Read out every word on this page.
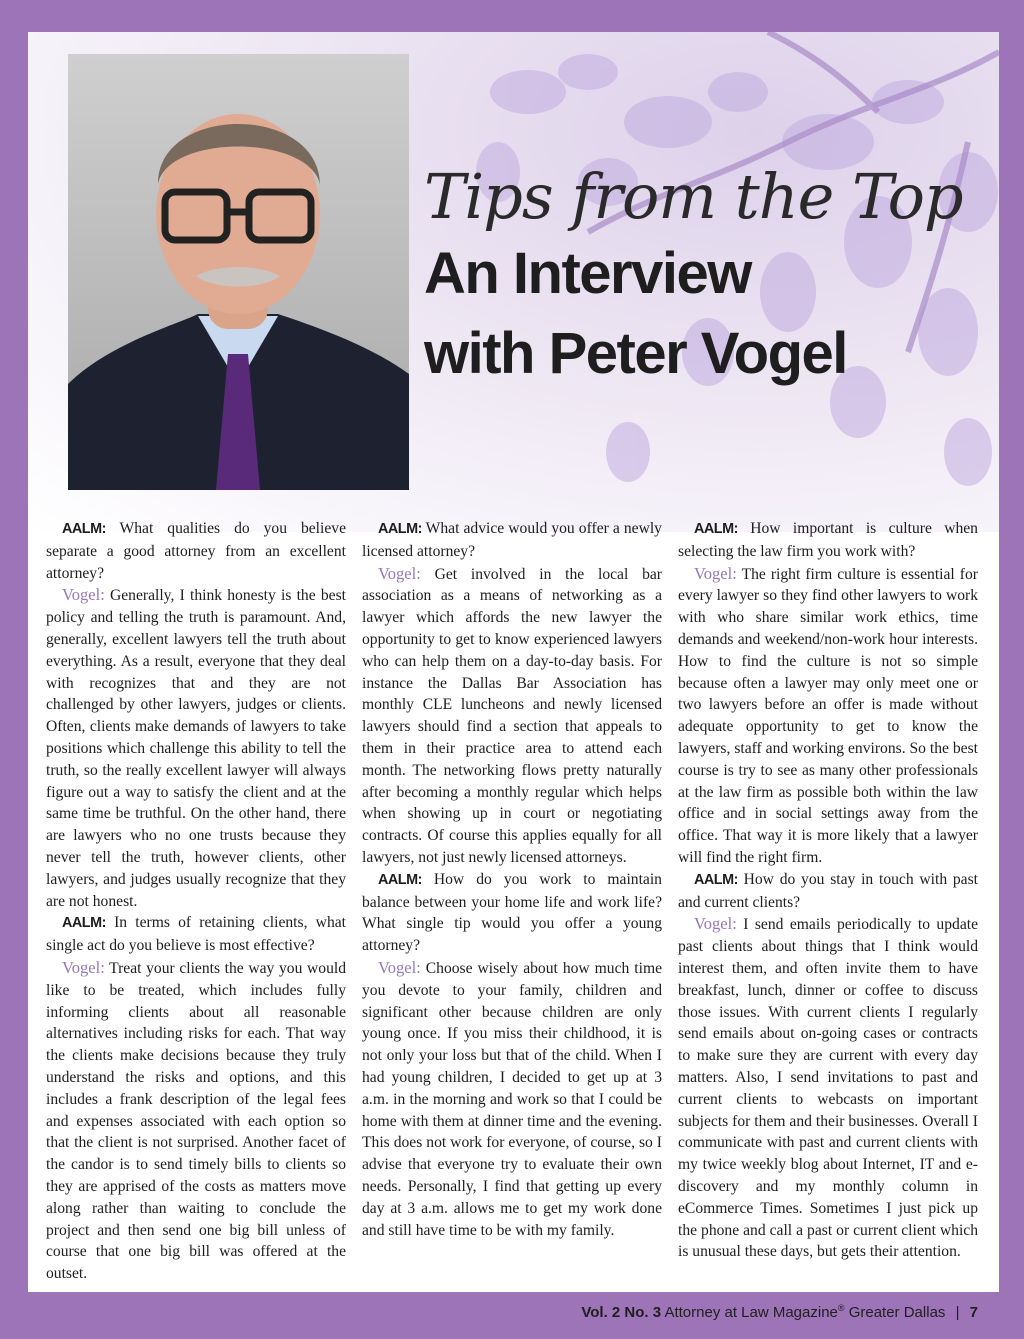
Tips from the Top
An Interview
with Peter Vogel

AALM: What qualities do you believe separate a good attorney from an excellent attorney?

Vogel: Generally, I think honesty is the best policy and telling the truth is paramount. And, generally, excellent lawyers tell the truth about everything. As a result, everyone that they deal with recognizes that and they are not challenged by other lawyers, judges or clients. Often, clients make demands of lawyers to take positions which challenge this ability to tell the truth, so the really excellent lawyer will always figure out a way to satisfy the client and at the same time be truthful. On the other hand, there are lawyers who no one trusts because they never tell the truth, however clients, other lawyers, and judges usually recognize that they are not honest.

AALM: In terms of retaining clients, what single act do you believe is most effective?

Vogel: Treat your clients the way you would like to be treated, which includes fully informing clients about all reasonable alternatives including risks for each. That way the clients make decisions because they truly understand the risks and options, and this includes a frank description of the legal fees and expenses associated with each option so that the client is not surprised. Another facet of the candor is to send timely bills to clients so they are apprised of the costs as matters move along rather than waiting to conclude the project and then send one big bill unless of course that one big bill was offered at the outset.

AALM: What advice would you offer a newly licensed attorney?

Vogel: Get involved in the local bar association as a means of networking as a lawyer which affords the new lawyer the opportunity to get to know experienced lawyers who can help them on a day-to-day basis. For instance the Dallas Bar Association has monthly CLE luncheons and newly licensed lawyers should find a section that appeals to them in their practice area to attend each month. The networking flows pretty naturally after becoming a monthly regular which helps when showing up in court or negotiating contracts. Of course this applies equally for all lawyers, not just newly licensed attorneys.

AALM: How do you work to maintain balance between your home life and work life? What single tip would you offer a young attorney?

Vogel: Choose wisely about how much time you devote to your family, children and significant other because children are only young once. If you miss their childhood, it is not only your loss but that of the child. When I had young children, I decided to get up at 3 a.m. in the morning and work so that I could be home with them at dinner time and the evening. This does not work for everyone, of course, so I advise that everyone try to evaluate their own needs. Personally, I find that getting up every day at 3 a.m. allows me to get my work done and still have time to be with my family.

AALM: How important is culture when selecting the law firm you work with?

Vogel: The right firm culture is essential for every lawyer so they find other lawyers to work with who share similar work ethics, time demands and weekend/non-work hour interests. How to find the culture is not so simple because often a lawyer may only meet one or two lawyers before an offer is made without adequate opportunity to get to know the lawyers, staff and working environs. So the best course is try to see as many other professionals at the law firm as possible both within the law office and in social settings away from the office. That way it is more likely that a lawyer will find the right firm.

AALM: How do you stay in touch with past and current clients?

Vogel: I send emails periodically to update past clients about things that I think would interest them, and often invite them to have breakfast, lunch, dinner or coffee to discuss those issues. With current clients I regularly send emails about on-going cases or contracts to make sure they are current with every day matters. Also, I send invitations to past and current clients to webcasts on important subjects for them and their businesses. Overall I communicate with past and current clients with my twice weekly blog about Internet, IT and e-discovery and my monthly column in eCommerce Times. Sometimes I just pick up the phone and call a past or current client which is unusual these days, but gets their attention.

Vol. 2 No. 3 Attorney at Law Magazine® Greater Dallas | 7
